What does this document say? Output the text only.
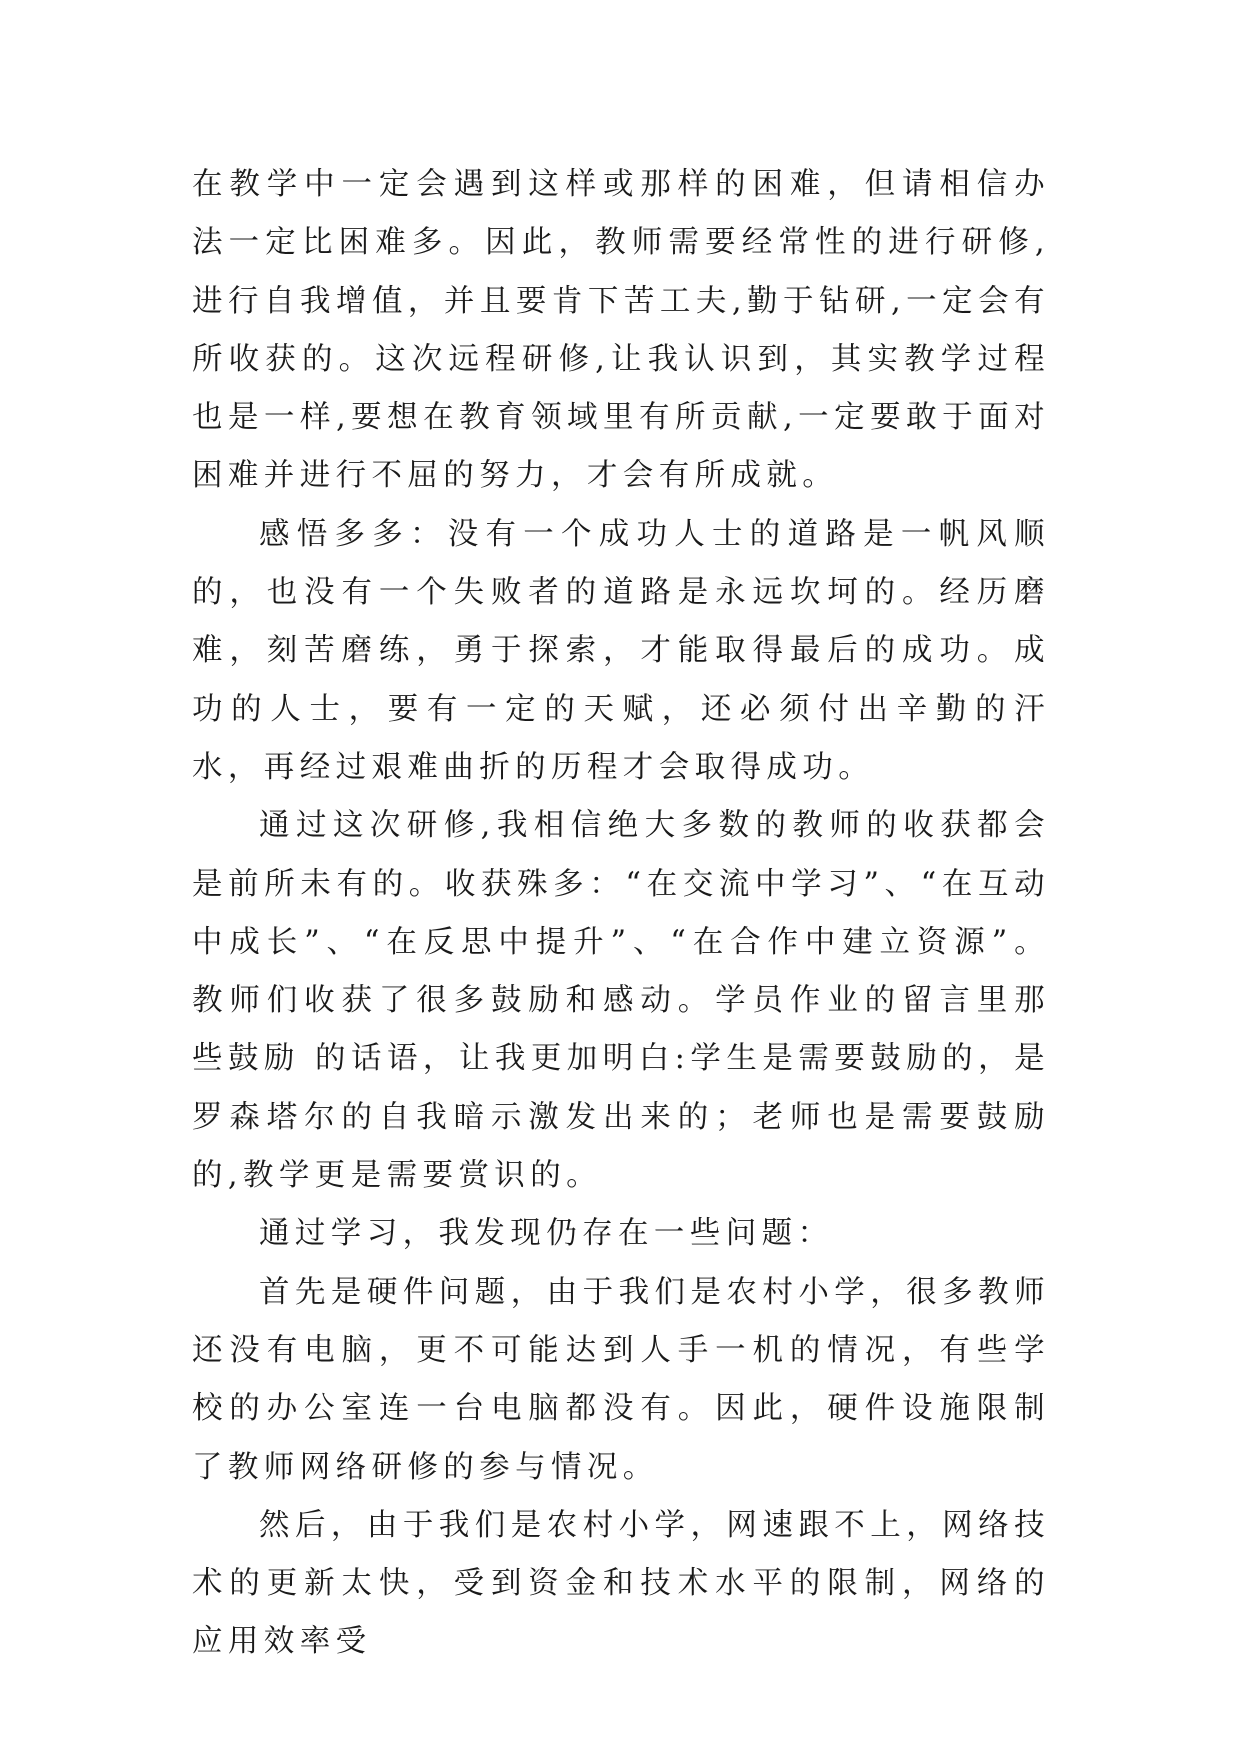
在教学中一定会遇到这样或那样的困难，但请相信办法一定比困难多。因此，教师需要经常性的进行研修,进行自我增值，并且要肯下苦工夫,勤于钻研,一定会有所收获的。这次远程研修,让我认识到，其实教学过程也是一样,要想在教育领域里有所贡献,一定要敢于面对困难并进行不屈的努力，才会有所成就。

感悟多多：没有一个成功人士的道路是一帆风顺的，也没有一个失败者的道路是永远坎坷的。经历磨难，刻苦磨练，勇于探索，才能取得最后的成功。成功的人士，要有一定的天赋，还必须付出辛勤的汗水，再经过艰难曲折的历程才会取得成功。

通过这次研修,我相信绝大多数的教师的收获都会是前所未有的。收获殊多：“在交流中学习”、“在互动中成长”、“在反思中提升”、“在合作中建立资源”。教师们收获了很多鼓励和感动。学员作业的留言里那些鼓励 的话语，让我更加明白:学生是需要鼓励的，是罗森塔尔的自我暗示激发出来的；老师也是需要鼓励的,教学更是需要赏识的。

通过学习，我发现仍存在一些问题：

首先是硬件问题，由于我们是农村小学，很多教师还没有电脑，更不可能达到人手一机的情况，有些学校的办公室连一台电脑都没有。因此，硬件设施限制了教师网络研修的参与情况。

然后，由于我们是农村小学，网速跟不上，网络技术的更新太快，受到资金和技术水平的限制，网络的应用效率受
